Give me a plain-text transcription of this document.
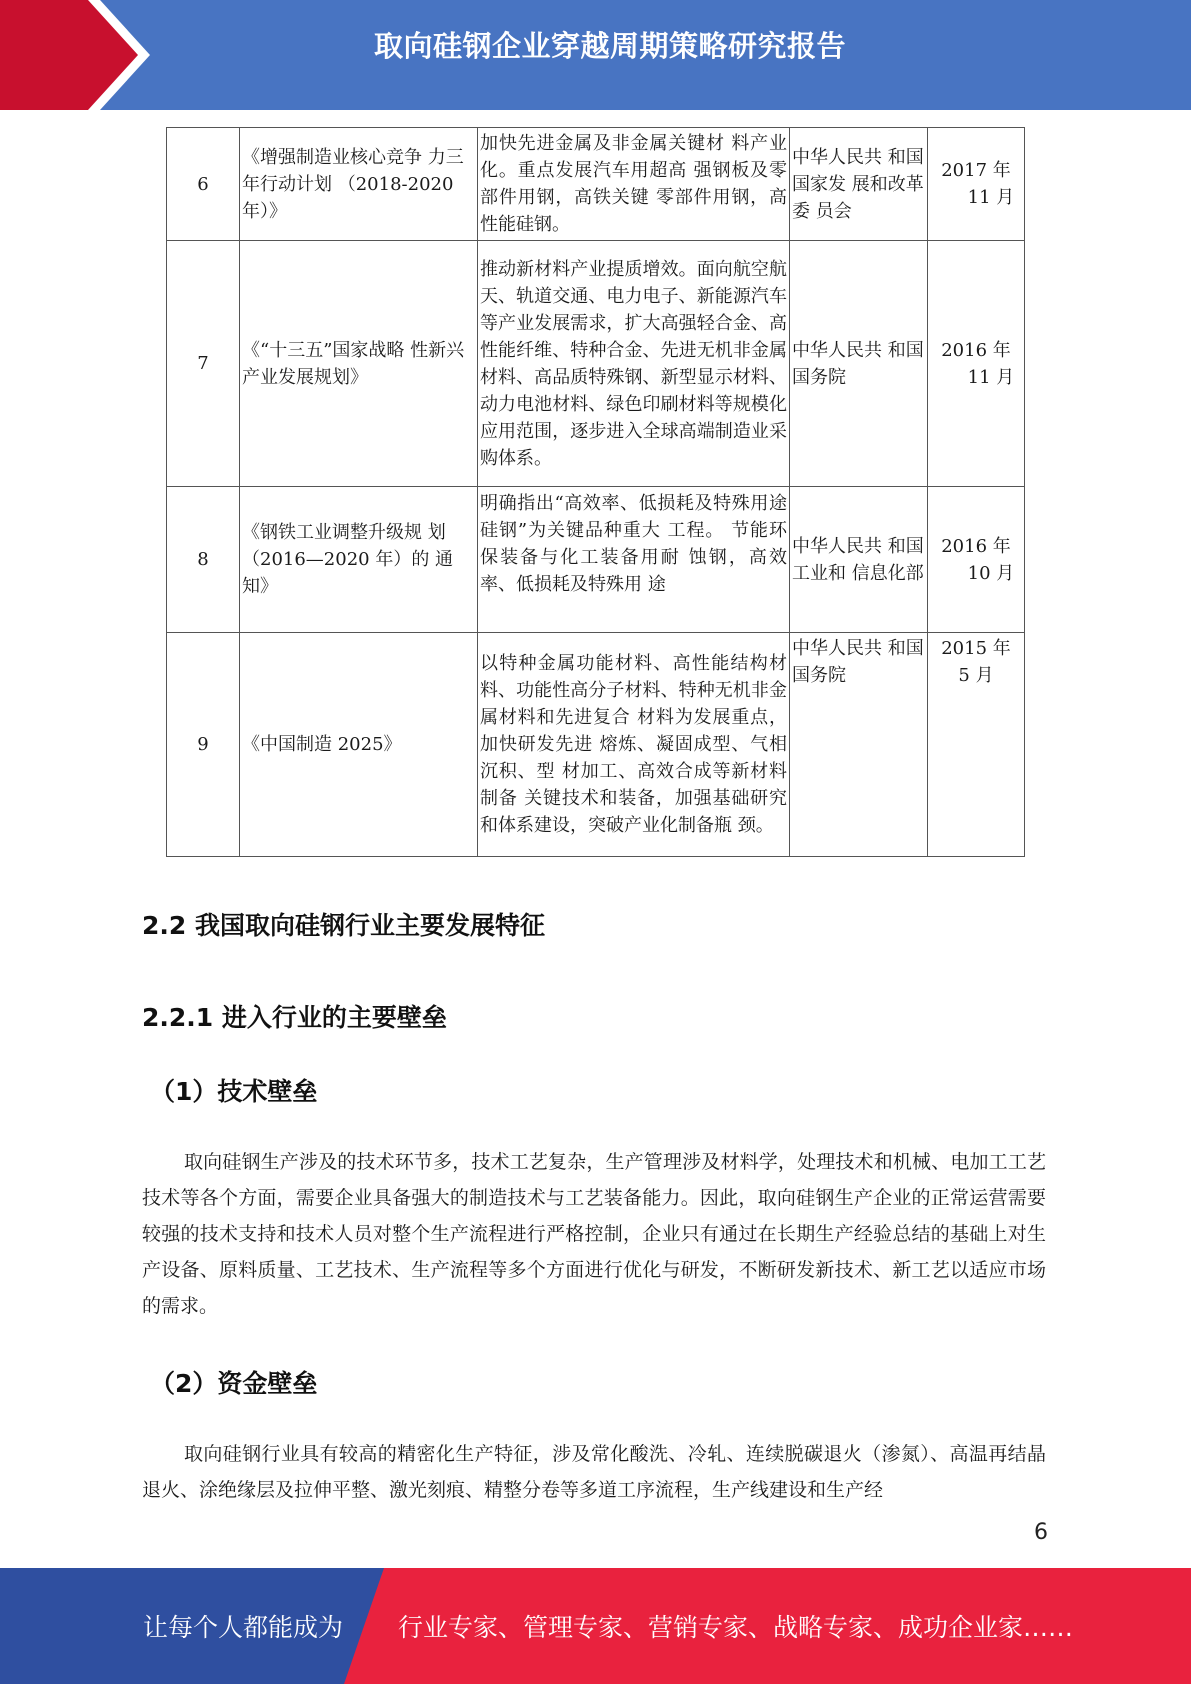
取向硅钢企业穿越周期策略研究报告
6	《增强制造业核心竞争 力三年行动计划 （2018-2020 年）》	加快先进金属及非金属关键材 料产业化。重点发展汽车用超高 强钢板及零部件用钢，高铁关键 零部件用钢，高性能硅钢。	中华人民共 和国国家发 展和改革委 员会	2017 年
11 月

7	《“十三五”国家战略 性新兴产业发展规划》	推动新材料产业提质增效。面向航空航天、轨道交通、电力电子、新能源汽车等产业发展需求，扩大高强轻合金、高性能纤维、特种合金、先进无机非金属材料、高品质特殊钢、新型显示材料、动力电池材料、绿色印刷材料等规模化应用范围，逐步进入全球高端制造业采购体系。	中华人民共 和国国务院	2016 年
11 月

8	《钢铁工业调整升级规 划（2016—2020 年）的 通知》	明确指出“高效率、低损耗及特殊用途硅钢”为关键品种重大 工程。 节能环保装备与化工装备用耐 蚀钢，高效率、低损耗及特殊用 途	中华人民共 和国工业和 信息化部	2016 年
10 月

9	《中国制造 2025》	以特种金属功能材料、高性能结构材料、功能性高分子材料、特种无机非金属材料和先进复合 材料为发展重点，加快研发先进 熔炼、凝固成型、气相沉积、型 材加工、高效合成等新材料制备 关键技术和装备，加强基础研究 和体系建设，突破产业化制备瓶 颈。	中华人民共 和国国务院	2015 年
5 月
2.2 我国取向硅钢行业主要发展特征
2.2.1 进入行业的主要壁垒
（1）技术壁垒

取向硅钢生产涉及的技术环节多，技术工艺复杂，生产管理涉及材料学，处理技术和机械、电加工工艺技术等各个方面，需要企业具备强大的制造技术与工艺装备能力。因此，取向硅钢生产企业的正常运营需要较强的技术支持和技术人员对整个生产流程进行严格控制，企业只有通过在长期生产经验总结的基础上对生产设备、原料质量、工艺技术、生产流程等多个方面进行优化与研发，不断研发新技术、新工艺以适应市场的需求。

（2）资金壁垒

取向硅钢行业具有较高的精密化生产特征，涉及常化酸洗、冷轧、连续脱碳退火（渗氮）、高温再结晶退火、涂绝缘层及拉伸平整、激光刻痕、精整分卷等多道工序流程，生产线建设和生产经

6
让每个人都能成为 行业专家、管理专家、营销专家、战略专家、成功企业家……
